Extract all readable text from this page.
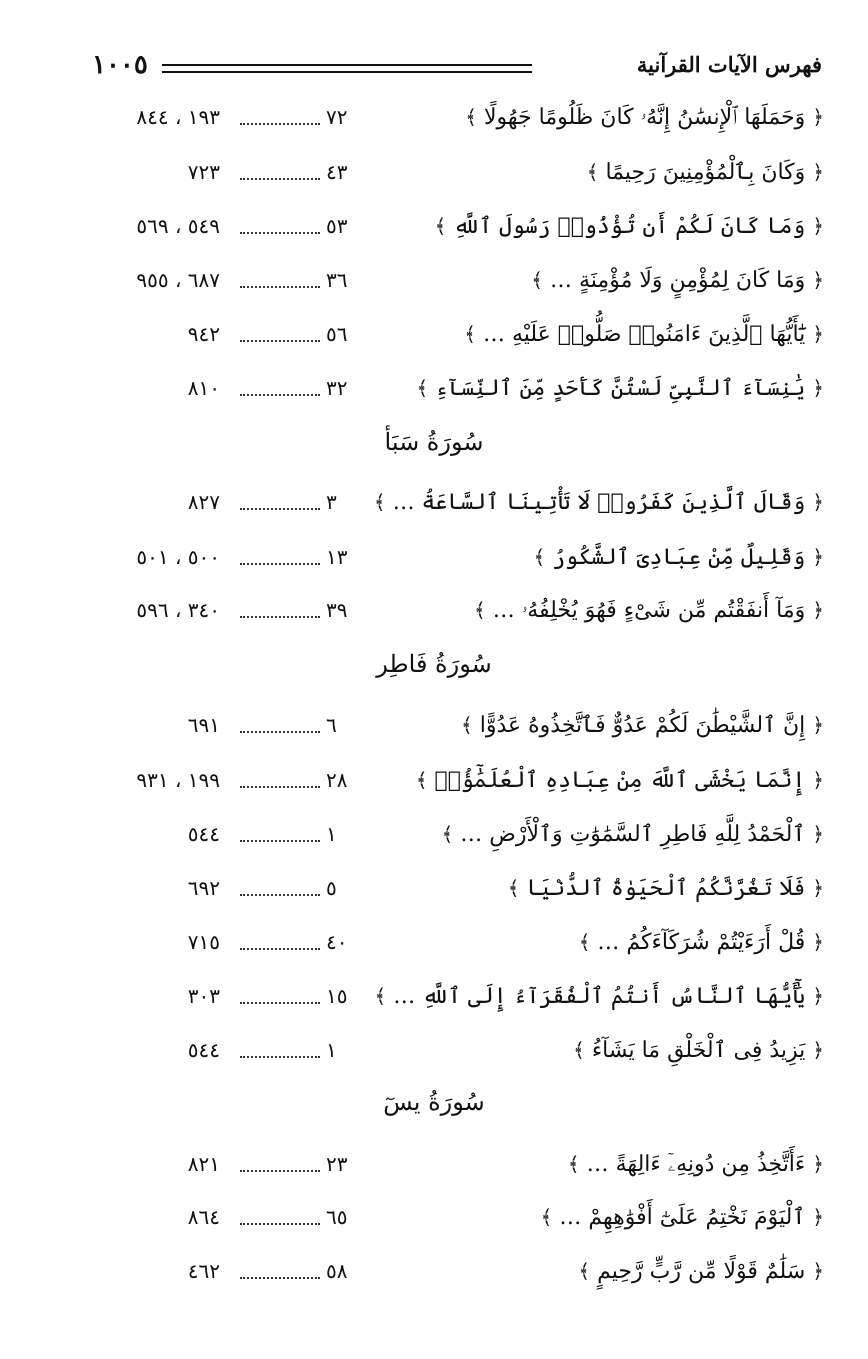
١٠٠٥	فهرس الآيات القرآنية
﴿ وَحَمَلَهَا ٱلْإِنسَٰنُ إِنَّهُۥ كَانَ ظَلُومًا جَهُولًا ﴾
٧٢
١٩٣ ، ٨٤٤
﴿ وَكَانَ بِٱلْمُؤْمِنِينَ رَحِيمًا ﴾
٤٣
٧٢٣
﴿ وَمَا كَانَ لَكُمْ أَن تُؤْذُوا۟ رَسُولَ ٱللَّهِ ﴾
٥٣
٥٤٩ ، ٥٦٩
﴿ وَمَا كَانَ لِمُؤْمِنٍ وَلَا مُؤْمِنَةٍ … ﴾
٣٦
٦٨٧ ، ٩٥٥
﴿ يَٰٓأَيُّهَا ٱلَّذِينَ ءَامَنُوا۟ صَلُّوا۟ عَلَيْهِ … ﴾
٥٦
٩٤٢
﴿ يَٰنِسَآءَ ٱلنَّبِىِّ لَسْتُنَّ كَأَحَدٍ مِّنَ ٱلنِّسَآءِ ﴾
٣٢
٨١٠
سُورَةُ سَبَأ
﴿ وَقَالَ ٱلَّذِينَ كَفَرُوا۟ لَا تَأْتِينَا ٱلسَّاعَةُ … ﴾
٣
٨٢٧
﴿ وَقَلِيلٌ مِّنْ عِبَادِىَ ٱلشَّكُورُ ﴾
١٣
٥٠٠ ، ٥٠١
﴿ وَمَآ أَنفَقْتُم مِّن شَىْءٍ فَهُوَ يُخْلِفُهُۥ … ﴾
٣٩
٣٤٠ ، ٥٩٦
سُورَةُ فَاطِر
﴿ إِنَّ ٱلشَّيْطَٰنَ لَكُمْ عَدُوٌّ فَٱتَّخِذُوهُ عَدُوًّا ﴾
٦
٦٩١
﴿ إِنَّمَا يَخْشَى ٱللَّهَ مِنْ عِبَادِهِ ٱلْعُلَمَٰٓؤُا۟ ﴾
٢٨
١٩٩ ، ٩٣١
﴿ ٱلْحَمْدُ لِلَّهِ فَاطِرِ ٱلسَّمَٰوَٰتِ وَٱلْأَرْضِ … ﴾
١
٥٤٤
﴿ فَلَا تَغُرَّنَّكُمُ ٱلْحَيَوٰةُ ٱلدُّنْيَا ﴾
٥
٦٩٢
﴿ قُلْ أَرَءَيْتُمْ شُرَكَآءَكُمُ … ﴾
٤٠
٧١٥
﴿ يَٰٓأَيُّهَا ٱلنَّاسُ أَنتُمُ ٱلْفُقَرَآءُ إِلَى ٱللَّهِ … ﴾
١٥
٣٠٣
﴿ يَزِيدُ فِى ٱلْخَلْقِ مَا يَشَآءُ ﴾
١
٥٤٤
سُورَةُ يسٓ
﴿ ءَأَتَّخِذُ مِن دُونِهِۦٓ ءَالِهَةً … ﴾
٢٣
٨٢١
﴿ ٱلْيَوْمَ نَخْتِمُ عَلَىٰٓ أَفْوَٰهِهِمْ … ﴾
٦٥
٨٦٤
﴿ سَلَٰمٌ قَوْلًا مِّن رَّبٍّ رَّحِيمٍ ﴾
٥٨
٤٦٢
